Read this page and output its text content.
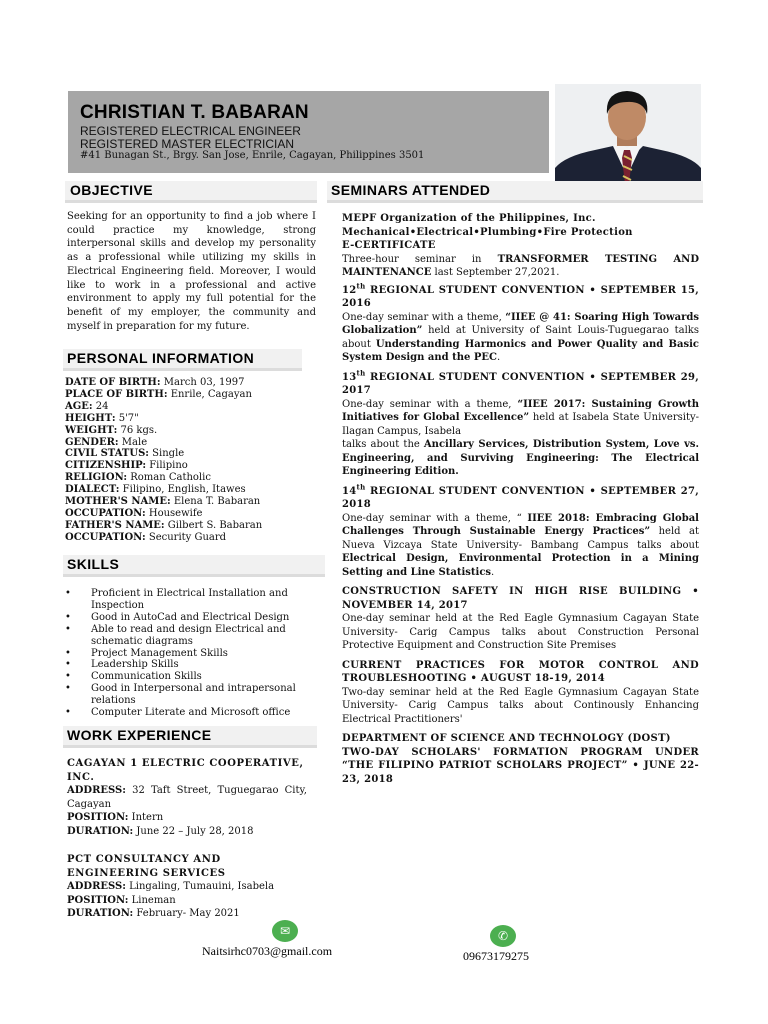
CHRISTIAN T. BABARAN
REGISTERED ELECTRICAL ENGINEER
REGISTERED MASTER ELECTRICIAN
#41 Bunagan St., Brgy. San Jose, Enrile, Cagayan, Philippines 3501
OBJECTIVE	SEMINARS ATTENDED
PERSONAL INFORMATION
SKILLS
WORK EXPERIENCE
Seeking for an opportunity to find a job where I could practice my knowledge, strong interpersonal skills and develop my personality as a professional while utilizing my skills in Electrical Engineering field. Moreover, I would like to work in a professional and active environment to apply my full potential for the benefit of my employer, the community and myself in preparation for my future.
DATE OF BIRTH: March 03, 1997
PLACE OF BIRTH: Enrile, Cagayan
AGE: 24
HEIGHT: 5'7"
WEIGHT: 76 kgs.
GENDER: Male
CIVIL STATUS: Single
CITIZENSHIP: Filipino
RELIGION: Roman Catholic
DIALECT: Filipino, English, Itawes
MOTHER'S NAME: Elena T. Babaran
OCCUPATION: Housewife
FATHER'S NAME: Gilbert S. Babaran
OCCUPATION: Security Guard
• Proficient in Electrical Installation and Inspection
• Good in AutoCad and Electrical Design
• Able to read and design Electrical and schematic diagrams
• Project Management Skills
• Leadership Skills
• Communication Skills
• Good in Interpersonal and intrapersonal relations
• Computer Literate and Microsoft office
CAGAYAN 1 ELECTRIC COOPERATIVE, INC.
ADDRESS: 32 Taft Street, Tuguegarao City, Cagayan
POSITION: Intern
DURATION: June 22 – July 28, 2018
PCT CONSULTANCY AND ENGINEERING SERVICES
ADDRESS: Lingaling, Tumauini, Isabela
POSITION: Lineman
DURATION: February- May 2021
MEPF Organization of the Philippines, Inc.
Mechanical•Electrical•Plumbing•Fire Protection
E-CERTIFICATE

Three-hour seminar in TRANSFORMER TESTING AND MAINTENANCE last September 27,2021.

12th REGIONAL STUDENT CONVENTION • SEPTEMBER 15, 2016

One-day seminar with a theme, “IIEE @ 41: Soaring High Towards Globalization” held at University of Saint Louis-Tuguegarao talks about Understanding Harmonics and Power Quality and Basic System Design and the PEC.

13th REGIONAL STUDENT CONVENTION • SEPTEMBER 29, 2017

One-day seminar with a theme, “IIEE 2017: Sustaining Growth Initiatives for Global Excellence” held at Isabela State University-Ilagan Campus, Isabela

talks about the Ancillary Services, Distribution System, Love vs. Engineering, and Surviving Engineering: The Electrical Engineering Edition.

14th REGIONAL STUDENT CONVENTION • SEPTEMBER 27, 2018

One-day seminar with a theme, “ IIEE 2018: Embracing Global Challenges Through Sustainable Energy Practices” held at Nueva Vizcaya State University- Bambang Campus talks about Electrical Design, Environmental Protection in a Mining Setting and Line Statistics.

CONSTRUCTION SAFETY IN HIGH RISE BUILDING • NOVEMBER 14, 2017

One-day seminar held at the Red Eagle Gymnasium Cagayan State University- Carig Campus talks about Construction Personal Protective Equipment and Construction Site Premises

CURRENT PRACTICES FOR MOTOR CONTROL AND TROUBLESHOOTING • AUGUST 18-19, 2014

Two-day seminar held at the Red Eagle Gymnasium Cagayan State University- Carig Campus talks about Continously Enhancing Electrical Practitioners'

DEPARTMENT OF SCIENCE AND TECHNOLOGY (DOST)

TWO-DAY SCHOLARS' FORMATION PROGRAM UNDER “THE FILIPINO PATRIOT SCHOLARS PROJECT” • JUNE 22-23, 2018

✉
Naitsirhc0703@gmail.com
✆
09673179275
